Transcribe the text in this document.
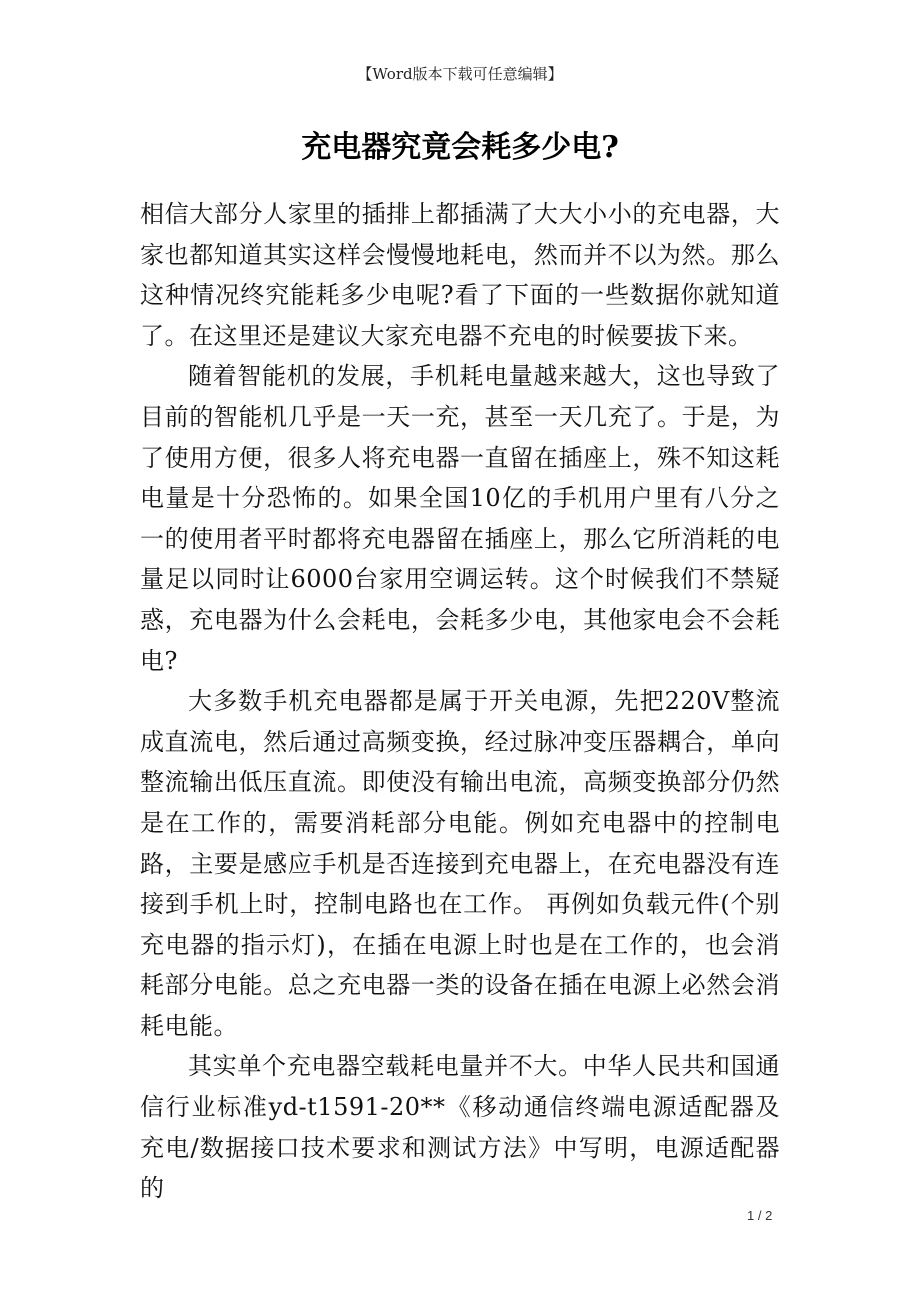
【Word版本下载可任意编辑】
充电器究竟会耗多少电?

相信大部分人家里的插排上都插满了大大小小的充电器，大家也都知道其实这样会慢慢地耗电，然而并不以为然。那么这种情况终究能耗多少电呢?看了下面的一些数据你就知道了。在这里还是建议大家充电器不充电的时候要拔下来。

随着智能机的发展，手机耗电量越来越大，这也导致了目前的智能机几乎是一天一充，甚至一天几充了。于是，为了使用方便，很多人将充电器一直留在插座上，殊不知这耗电量是十分恐怖的。如果全国10亿的手机用户里有八分之一的使用者平时都将充电器留在插座上，那么它所消耗的电量足以同时让6000台家用空调运转。这个时候我们不禁疑惑，充电器为什么会耗电，会耗多少电，其他家电会不会耗电?

大多数手机充电器都是属于开关电源，先把220V整流成直流电，然后通过高频变换，经过脉冲变压器耦合，单向整流输出低压直流。即使没有输出电流，高频变换部分仍然是在工作的，需要消耗部分电能。例如充电器中的控制电路，主要是感应手机是否连接到充电器上，在充电器没有连接到手机上时，控制电路也在工作。 再例如负载元件(个别充电器的指示灯)，在插在电源上时也是在工作的，也会消耗部分电能。总之充电器一类的设备在插在电源上必然会消耗电能。

其实单个充电器空载耗电量并不大。中华人民共和国通信行业标准yd-t1591-20**《移动通信终端电源适配器及充电/数据接口技术要求和测试方法》中写明，电源适配器的

1 / 2
